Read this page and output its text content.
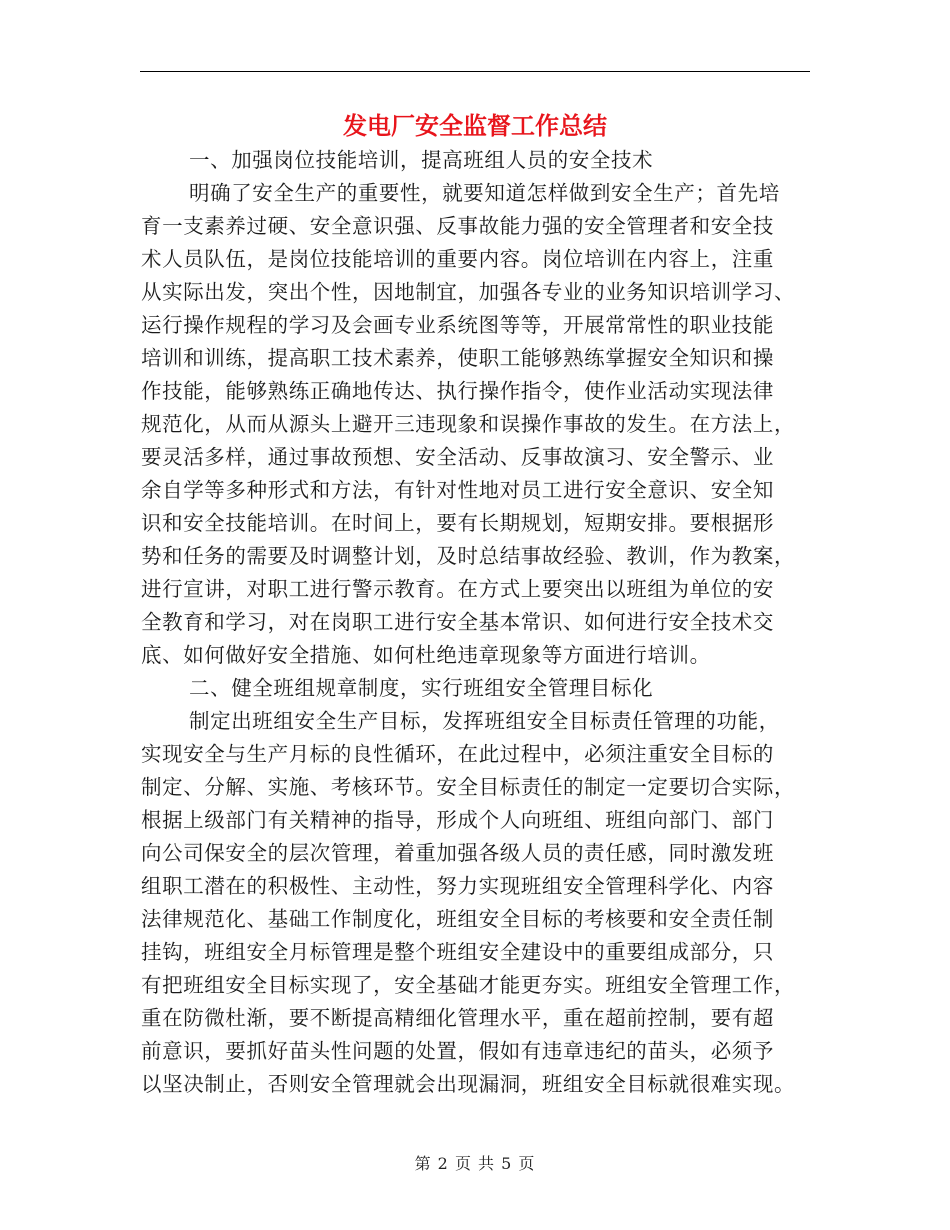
发电厂安全监督工作总结
一、加强岗位技能培训，提高班组人员的安全技术
明确了安全生产的重要性，就要知道怎样做到安全生产；首先培
育一支素养过硬、安全意识强、反事故能力强的安全管理者和安全技
术人员队伍，是岗位技能培训的重要内容。岗位培训在内容上，注重
从实际出发，突出个性，因地制宜，加强各专业的业务知识培训学习、
运行操作规程的学习及会画专业系统图等等，开展常常性的职业技能
培训和训练，提高职工技术素养，使职工能够熟练掌握安全知识和操
作技能，能够熟练正确地传达、执行操作指令，使作业活动实现法律
规范化，从而从源头上避开三违现象和误操作事故的发生。在方法上，
要灵活多样，通过事故预想、安全活动、反事故演习、安全警示、业
余自学等多种形式和方法，有针对性地对员工进行安全意识、安全知
识和安全技能培训。在时间上，要有长期规划，短期安排。要根据形
势和任务的需要及时调整计划，及时总结事故经验、教训，作为教案，
进行宣讲，对职工进行警示教育。在方式上要突出以班组为单位的安
全教育和学习，对在岗职工进行安全基本常识、如何进行安全技术交
底、如何做好安全措施、如何杜绝违章现象等方面进行培训。
二、健全班组规章制度，实行班组安全管理目标化
制定出班组安全生产目标，发挥班组安全目标责任管理的功能，
实现安全与生产月标的良性循环，在此过程中，必须注重安全目标的
制定、分解、实施、考核环节。安全目标责任的制定一定要切合实际，
根据上级部门有关精神的指导，形成个人向班组、班组向部门、部门
向公司保安全的层次管理，着重加强各级人员的责任感，同时激发班
组职工潜在的积极性、主动性，努力实现班组安全管理科学化、内容
法律规范化、基础工作制度化，班组安全目标的考核要和安全责任制
挂钩，班组安全月标管理是整个班组安全建设中的重要组成部分，只
有把班组安全目标实现了，安全基础才能更夯实。班组安全管理工作，
重在防微杜渐，要不断提高精细化管理水平，重在超前控制，要有超
前意识，要抓好苗头性问题的处置，假如有违章违纪的苗头，必须予
以坚决制止，否则安全管理就会出现漏洞，班组安全目标就很难实现。
第 2 页 共 5 页
